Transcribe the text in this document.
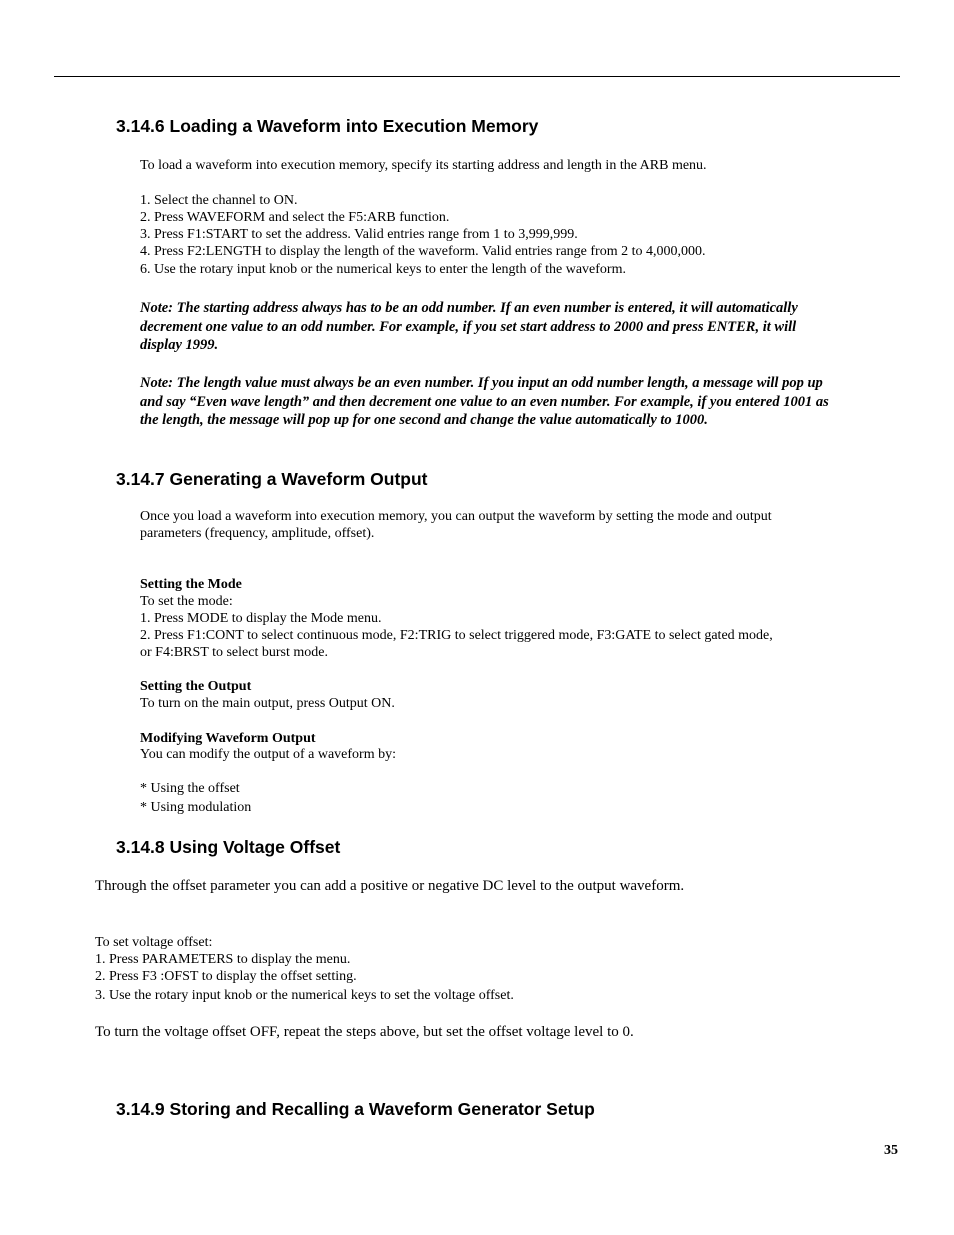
3.14.6 Loading a Waveform into Execution Memory

To load a waveform into execution memory, specify its starting address and length in the ARB menu.

1. Select the channel to ON.

2. Press WAVEFORM and select the F5:ARB function.

3. Press F1:START to set the address. Valid entries range from 1 to 3,999,999.

4. Press F2:LENGTH to display the length of the waveform. Valid entries range from 2 to 4,000,000.

6. Use the rotary input knob or the numerical keys to enter the length of the waveform.

Note: The starting address always has to be an odd number. If an even number is entered, it will automatically

decrement one value to an odd number. For example, if you set start address to 2000 and press ENTER, it will

display 1999.

Note: The length value must always be an even number. If you input an odd number length, a message will pop up

and say “Even wave length” and then decrement one value to an even number. For example, if you entered 1001 as

the length, the message will pop up for one second and change the value automatically to 1000.

3.14.7 Generating a Waveform Output

Once you load a waveform into execution memory, you can output the waveform by setting the mode and output

parameters (frequency, amplitude, offset).

Setting the Mode

To set the mode:

1. Press MODE to display the Mode menu.

2. Press F1:CONT to select continuous mode, F2:TRIG to select triggered mode, F3:GATE to select gated mode,

or F4:BRST to select burst mode.

Setting the Output

To turn on the main output, press Output ON.

Modifying Waveform Output

You can modify the output of a waveform by:

* Using the offset

* Using modulation

3.14.8 Using Voltage Offset

Through the offset parameter you can add a positive or negative DC level to the output waveform.

To set voltage offset:

1. Press PARAMETERS to display the menu.

2. Press F3 :OFST to display the offset setting.

3. Use the rotary input knob or the numerical keys to set the voltage offset.

To turn the voltage offset OFF, repeat the steps above, but set the offset voltage level to 0.

3.14.9 Storing and Recalling a Waveform Generator Setup
35
